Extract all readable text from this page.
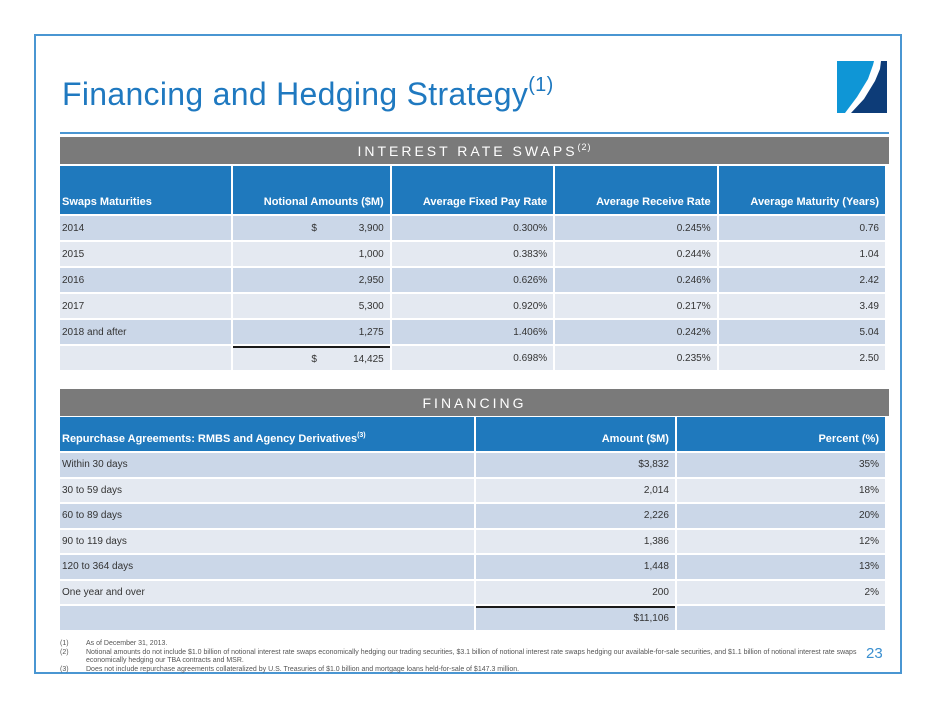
Financing and Hedging Strategy$^{(1)}$
INTEREST RATE SWAPS$^{(2)}$
Swaps Maturities	Notional Amounts ($M)	Average Fixed Pay Rate	Average Receive Rate	Average Maturity (Years)
2014	$ 3,900	0.300%	0.245%	0.76
2015	1,000	0.383%	0.244%	1.04
2016	2,950	0.626%	0.246%	2.42
2017	5,300	0.920%	0.217%	3.49
2018 and after	1,275	1.406%	0.242%	5.04

	$ 14,425	0.698%	0.235%	2.50
FINANCING
Repurchase Agreements: RMBS and Agency Derivatives$^{(3)}$	Amount ($M)	Percent (%)
Within 30 days	$3,832	35%
30 to 59 days	2,014	18%
60 to 89 days	2,226	20%
90 to 119 days	1,386	12%
120 to 364 days	1,448	13%
One year and over	200	2%
	$11,106	
(1)	As of December 31, 2013.
(2)	Notional amounts do not include $1.0 billion of notional interest rate swaps economically hedging our trading securities, $3.1 billion of notional interest rate swaps hedging our available-for-sale securities, and $1.1 billion of notional interest rate swaps economically hedging our TBA contracts and MSR.
(3)	Does not include repurchase agreements collateralized by U.S. Treasuries of $1.0 billion and mortgage loans held-for-sale of $147.3 million.
23
